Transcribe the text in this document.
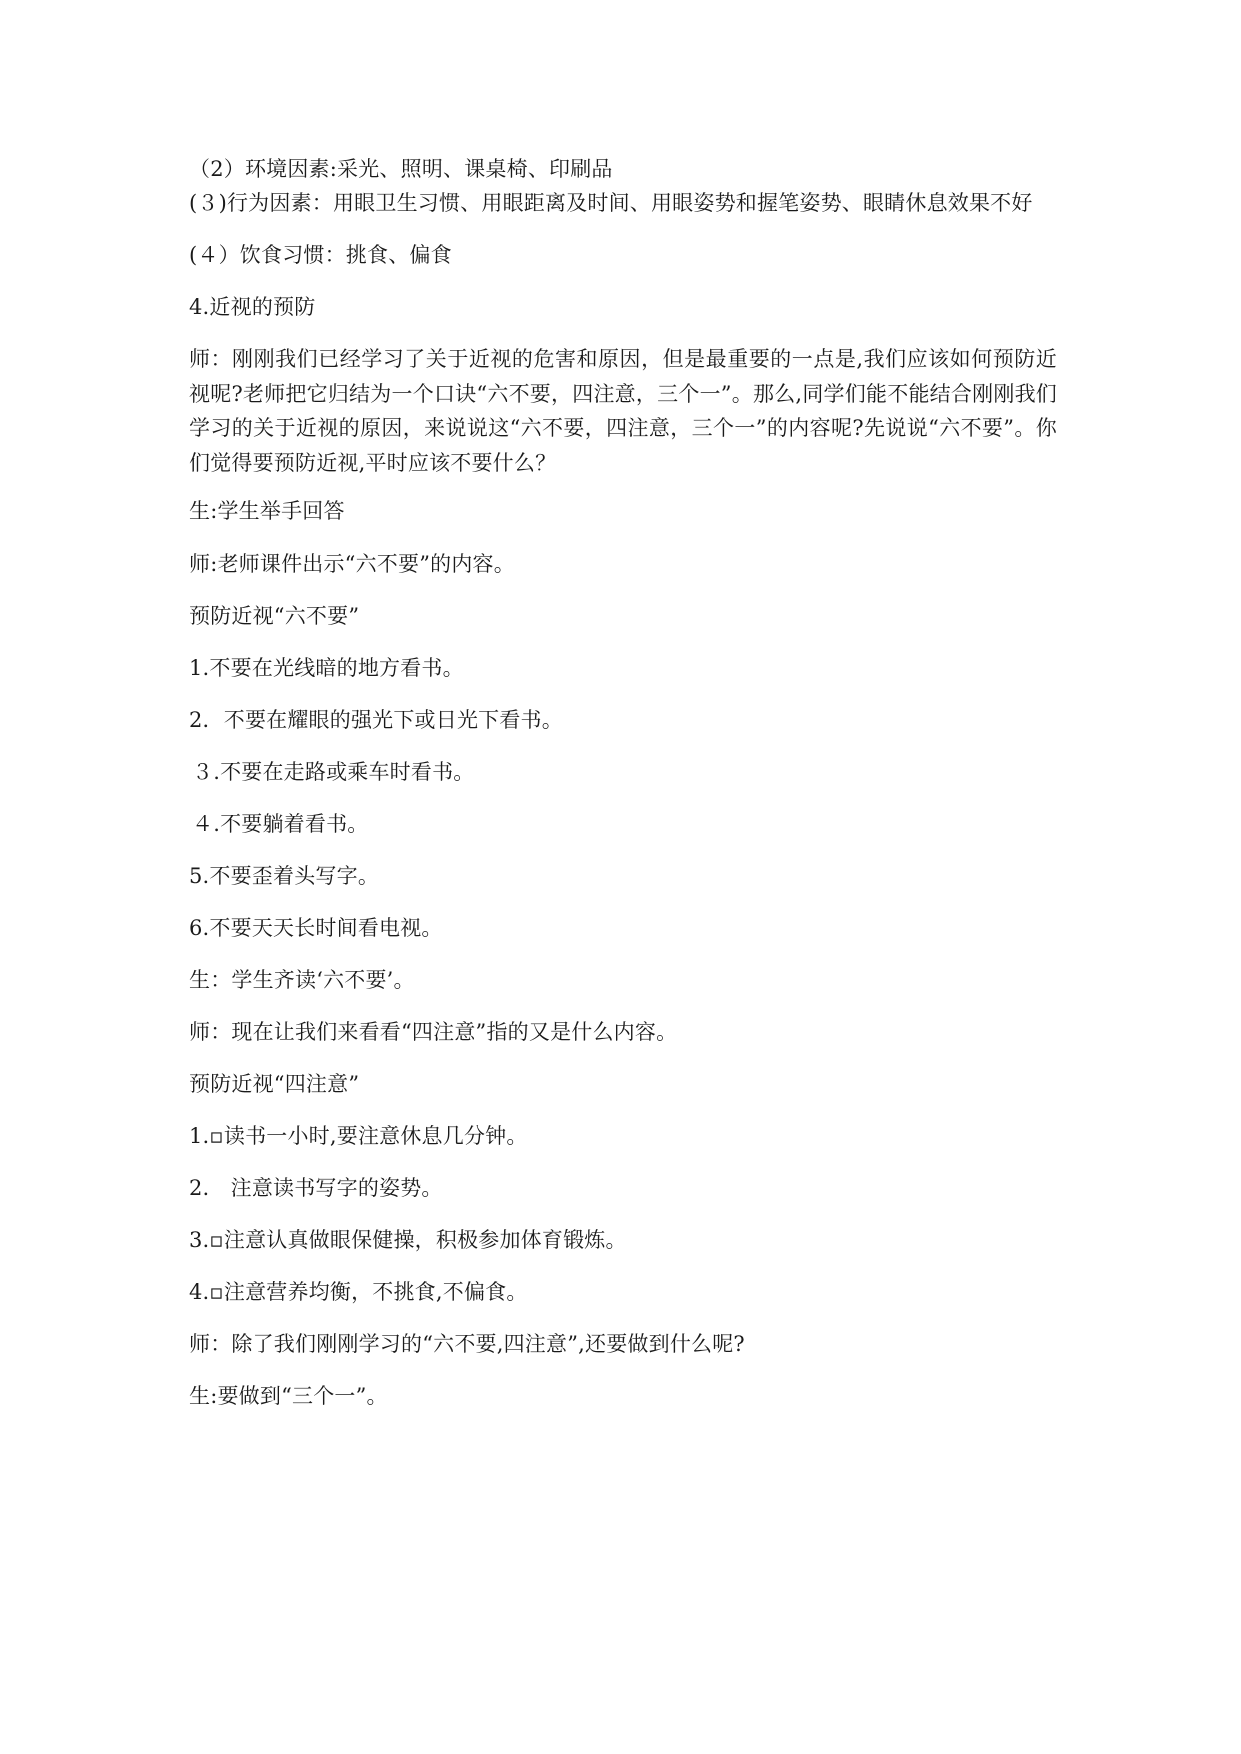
（2）环境因素:采光、照明、课桌椅、印刷品
(３)行为因素：用眼卫生习惯、用眼距离及时间、用眼姿势和握笔姿势、眼睛休息效果不好
(４）饮食习惯：挑食、偏食
4.近视的预防
师：刚刚我们已经学习了关于近视的危害和原因，但是最重要的一点是,我们应该如何预防近视呢?老师把它归结为一个口诀“六不要，四注意，三个一”。那么,同学们能不能结合刚刚我们学习的关于近视的原因，来说说这“六不要，四注意，三个一”的内容呢?先说说“六不要”。你们觉得要预防近视,平时应该不要什么？
生:学生举手回答
师:老师课件出示“六不要”的内容。
预防近视“六不要”
1.不要在光线暗的地方看书。
2．不要在耀眼的强光下或日光下看书。
３.不要在走路或乘车时看书。
４.不要躺着看书。
5.不要歪着头写字。
6.不要天天长时间看电视。
生：学生齐读‘六不要’。
师：现在让我们来看看“四注意”指的又是什么内容。
预防近视“四注意”
1.▫读书一小时,要注意休息几分钟。
2.　注意读书写字的姿势。
3.▫注意认真做眼保健操，积极参加体育锻炼。
4.▫注意营养均衡，不挑食,不偏食。
师：除了我们刚刚学习的“六不要,四注意”,还要做到什么呢?
生:要做到“三个一”。
